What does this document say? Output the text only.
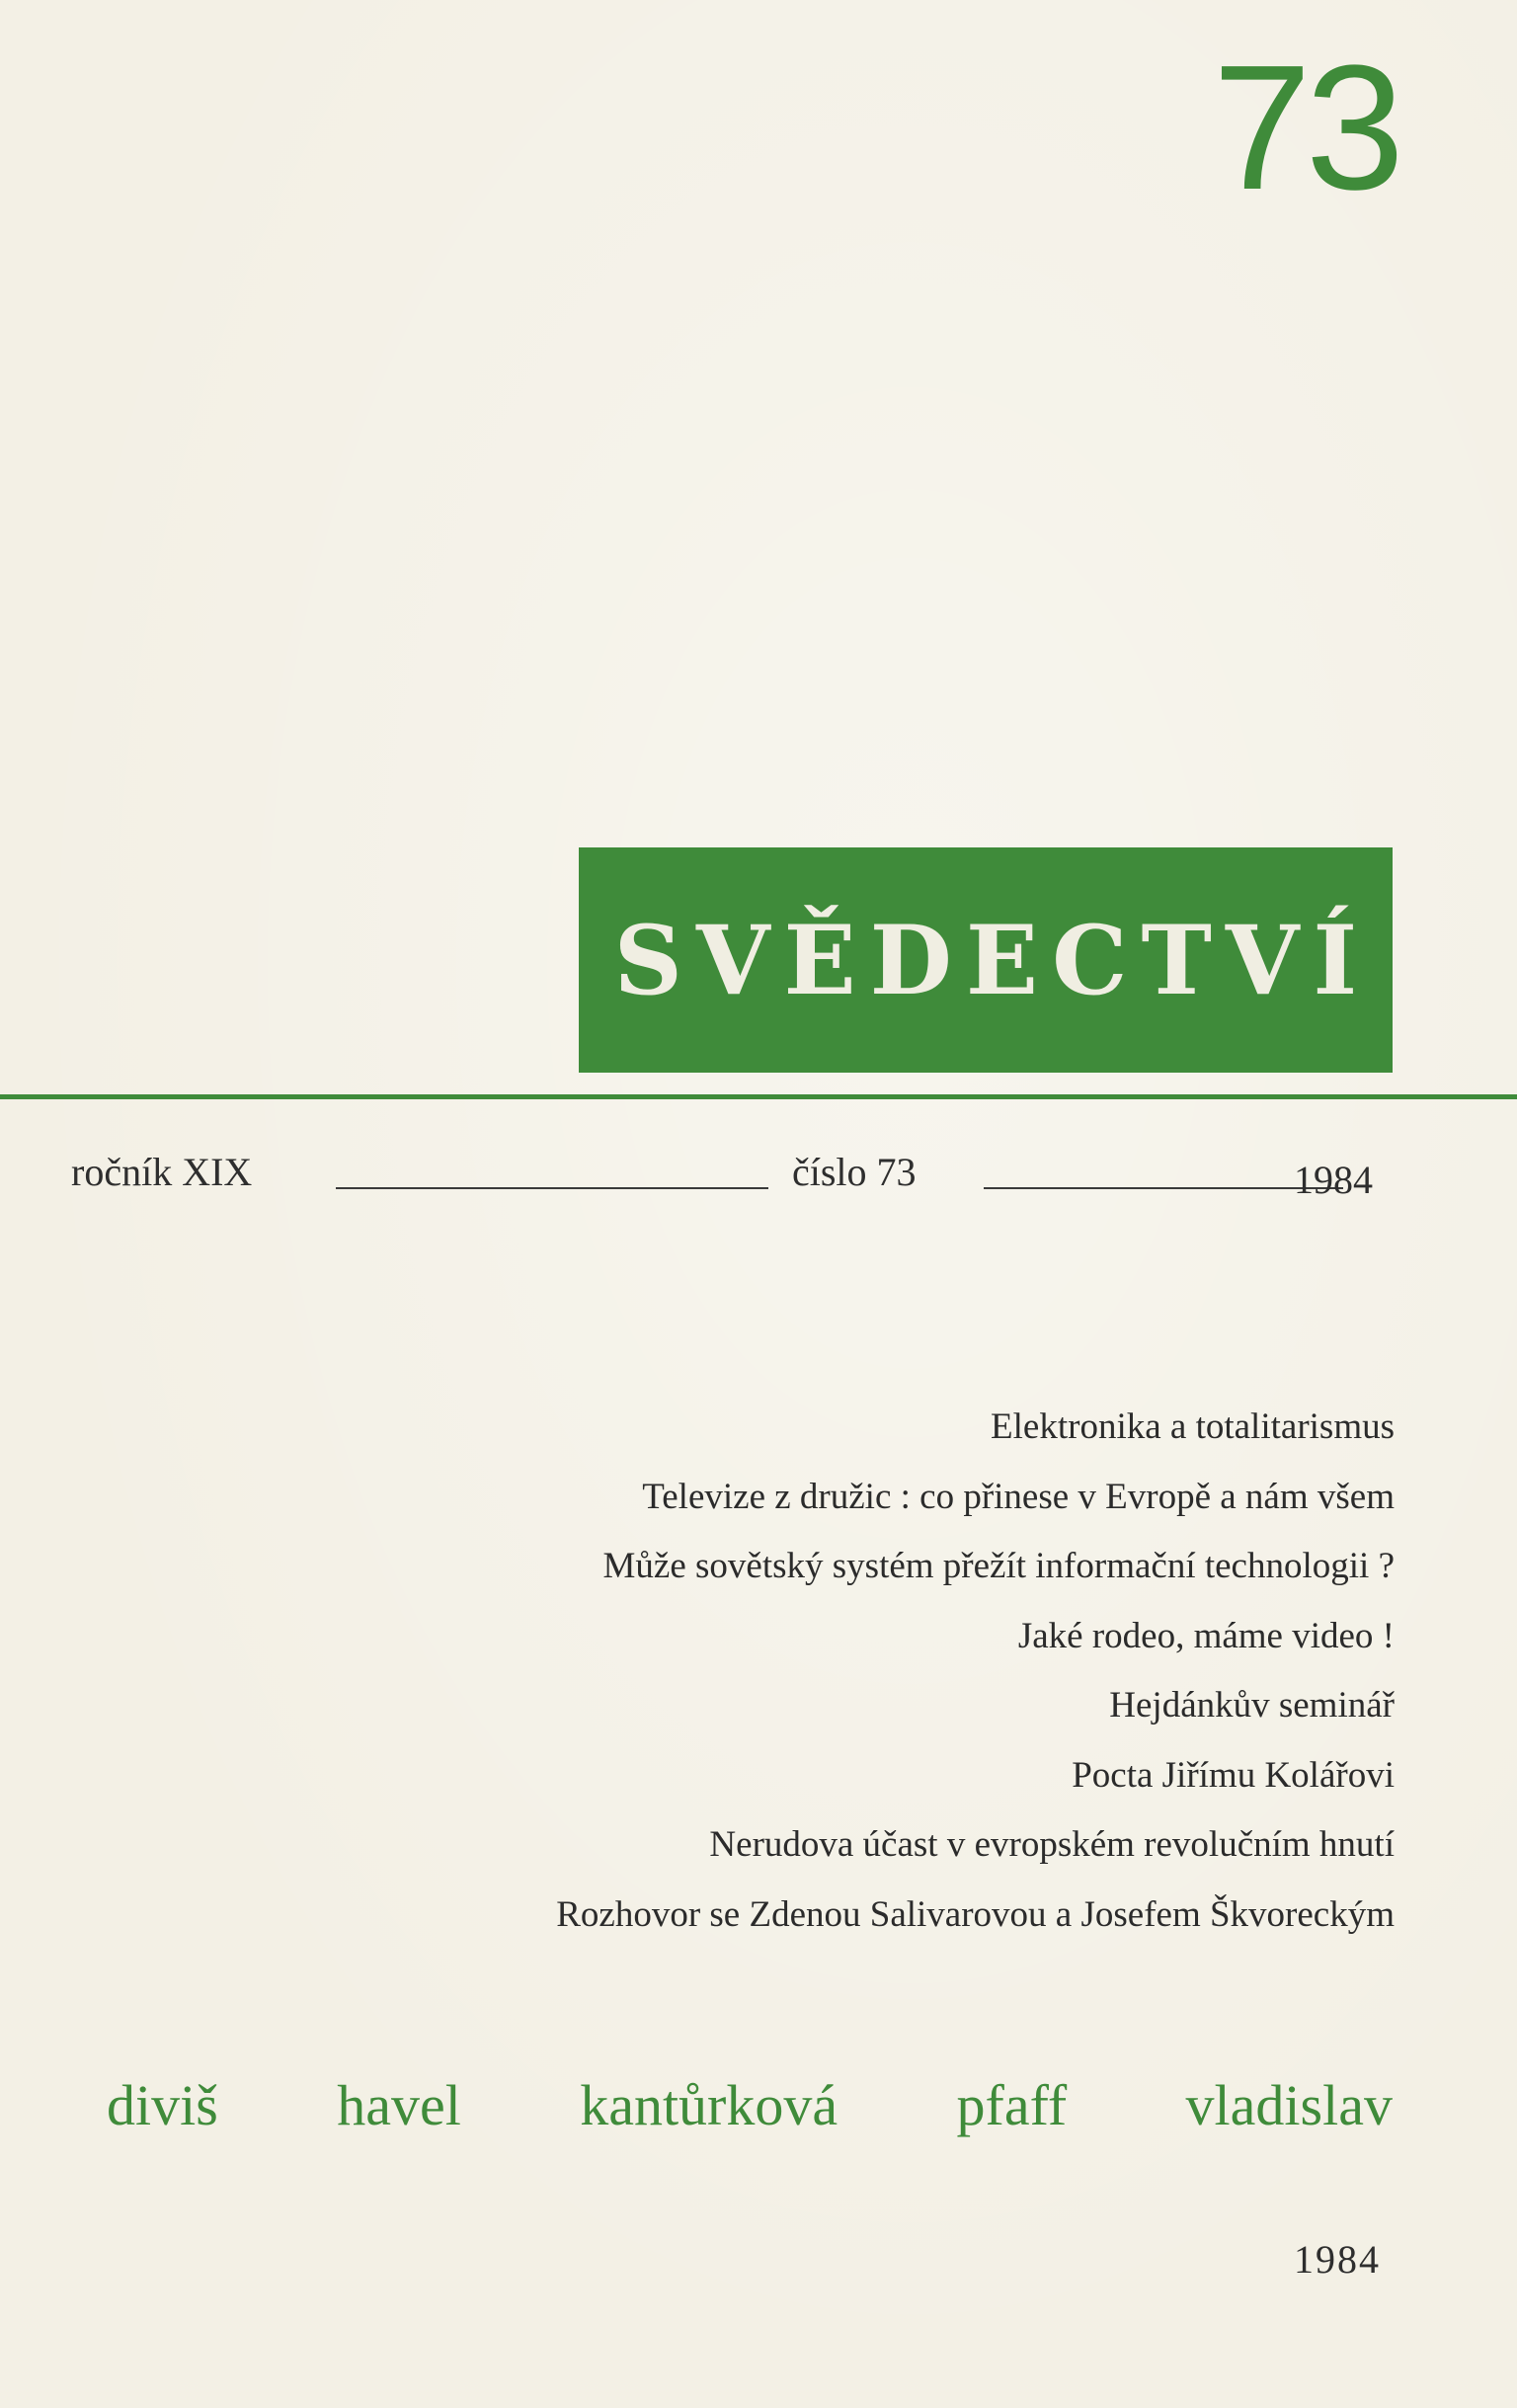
73
SVĚDECTVÍ
ročník XIX	číslo 73	1984
Elektronika a totalitarismus
Televize z družic : co přinese v Evropě a nám všem
Může sovětský systém přežít informační technologii ?
Jaké rodeo, máme video !
Hejdánkův seminář
Pocta Jiřímu Kolářovi
Nerudova účast v evropském revolučním hnutí
Rozhovor se Zdenou Salivarovou a Josefem Škvoreckým
diviš havel kantůrková pfaff vladislav
1984
